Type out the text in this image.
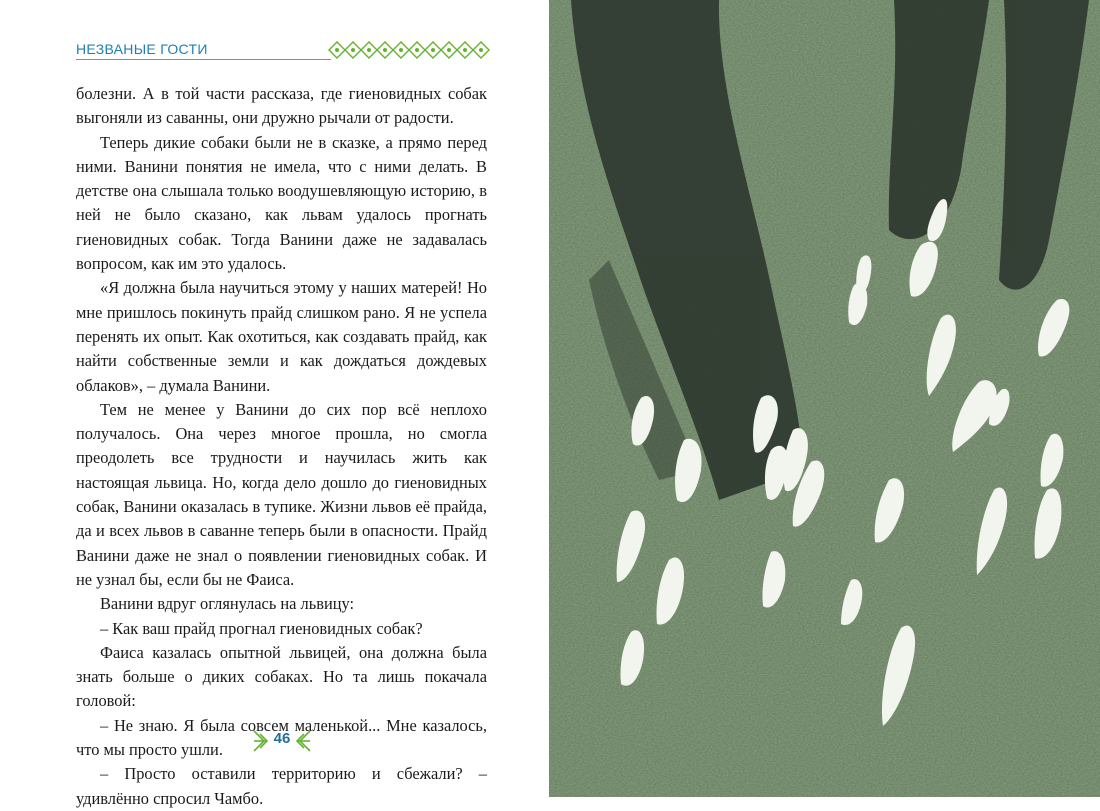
НЕЗВАНЫЕ ГОСТИ

болезни. А в той части рассказа, где гиеновидных собак выгоняли из саванны, они дружно рычали от радости.

Теперь дикие собаки были не в сказке, а прямо перед ними. Ванини понятия не имела, что с ними делать. В детстве она слышала только воодушевляющую историю, в ней не было сказано, как львам удалось прогнать гиеновидных собак. Тогда Ванини даже не задавалась вопросом, как им это удалось.

«Я должна была научиться этому у наших матерей! Но мне пришлось покинуть прайд слишком рано. Я не успела перенять их опыт. Как охотиться, как создавать прайд, как найти собственные земли и как дождаться дождевых облаков», – думала Ванини.

Тем не менее у Ванини до сих пор всё неплохо получалось. Она через многое прошла, но смогла преодолеть все трудности и научилась жить как настоящая львица. Но, когда дело дошло до гиеновидных собак, Ванини оказалась в тупике. Жизни львов её прайда, да и всех львов в саванне теперь были в опасности. Прайд Ванини даже не знал о появлении гиеновидных собак. И не узнал бы, если бы не Фаиса.

Ванини вдруг оглянулась на львицу:

– Как ваш прайд прогнал гиеновидных собак?

Фаиса казалась опытной львицей, она должна была знать больше о диких собаках. Но та лишь покачала головой:

– Не знаю. Я была совсем маленькой... Мне казалось, что мы просто ушли.

– Просто оставили территорию и сбежали? – удивлённо спросил Чамбо.

46
